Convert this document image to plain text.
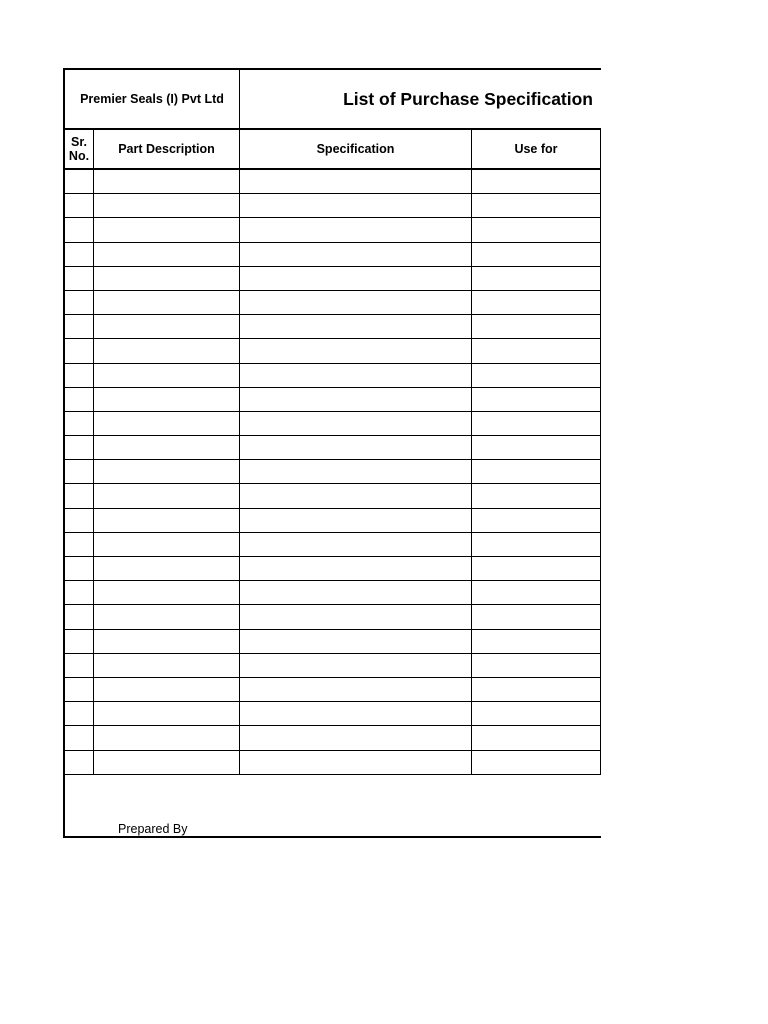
Premier Seals (I) Pvt Ltd	List of Purchase Specification
Sr.
No.	Part Description	Specification	Use for
Prepared By
